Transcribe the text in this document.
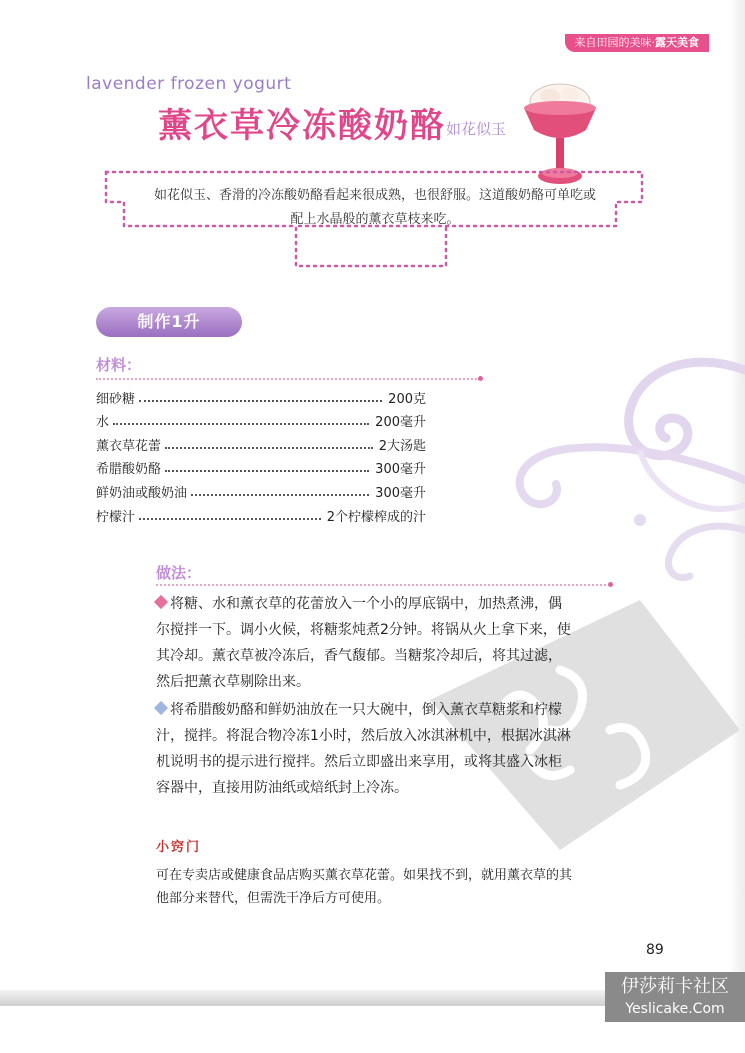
来自田园的美味·露天美食
lavender frozen yogurt
薰衣草冷冻酸奶酪 如花似玉
如花似玉、香滑的冷冻酸奶酪看起来很成熟，也很舒服。这道酸奶酪可单吃或
配上水晶般的薰衣草枝来吃。
制作1升
材料：
细砂糖	200克
水	200毫升
薰衣草花蕾	2大汤匙
希腊酸奶酪	300毫升
鲜奶油或酸奶油	300毫升
柠檬汁	2个柠檬榨成的汁
做法：
将糖、水和薰衣草的花蕾放入一个小的厚底锅中，加热煮沸，偶尔搅拌一下。调小火候，将糖浆炖煮2分钟。将锅从火上拿下来，使其冷却。薰衣草被冷冻后，香气馥郁。当糖浆冷却后，将其过滤，然后把薰衣草剔除出来。
将希腊酸奶酪和鲜奶油放在一只大碗中，倒入薰衣草糖浆和柠檬汁，搅拌。将混合物冷冻1小时，然后放入冰淇淋机中，根据冰淇淋机说明书的提示进行搅拌。然后立即盛出来享用，或将其盛入冰柜容器中，直接用防油纸或焙纸封上冷冻。
小窍门
可在专卖店或健康食品店购买薰衣草花蕾。如果找不到，就用薰衣草的其他部分来替代，但需洗干净后方可使用。
89
伊莎莉卡社区
Yeslicake.Com
